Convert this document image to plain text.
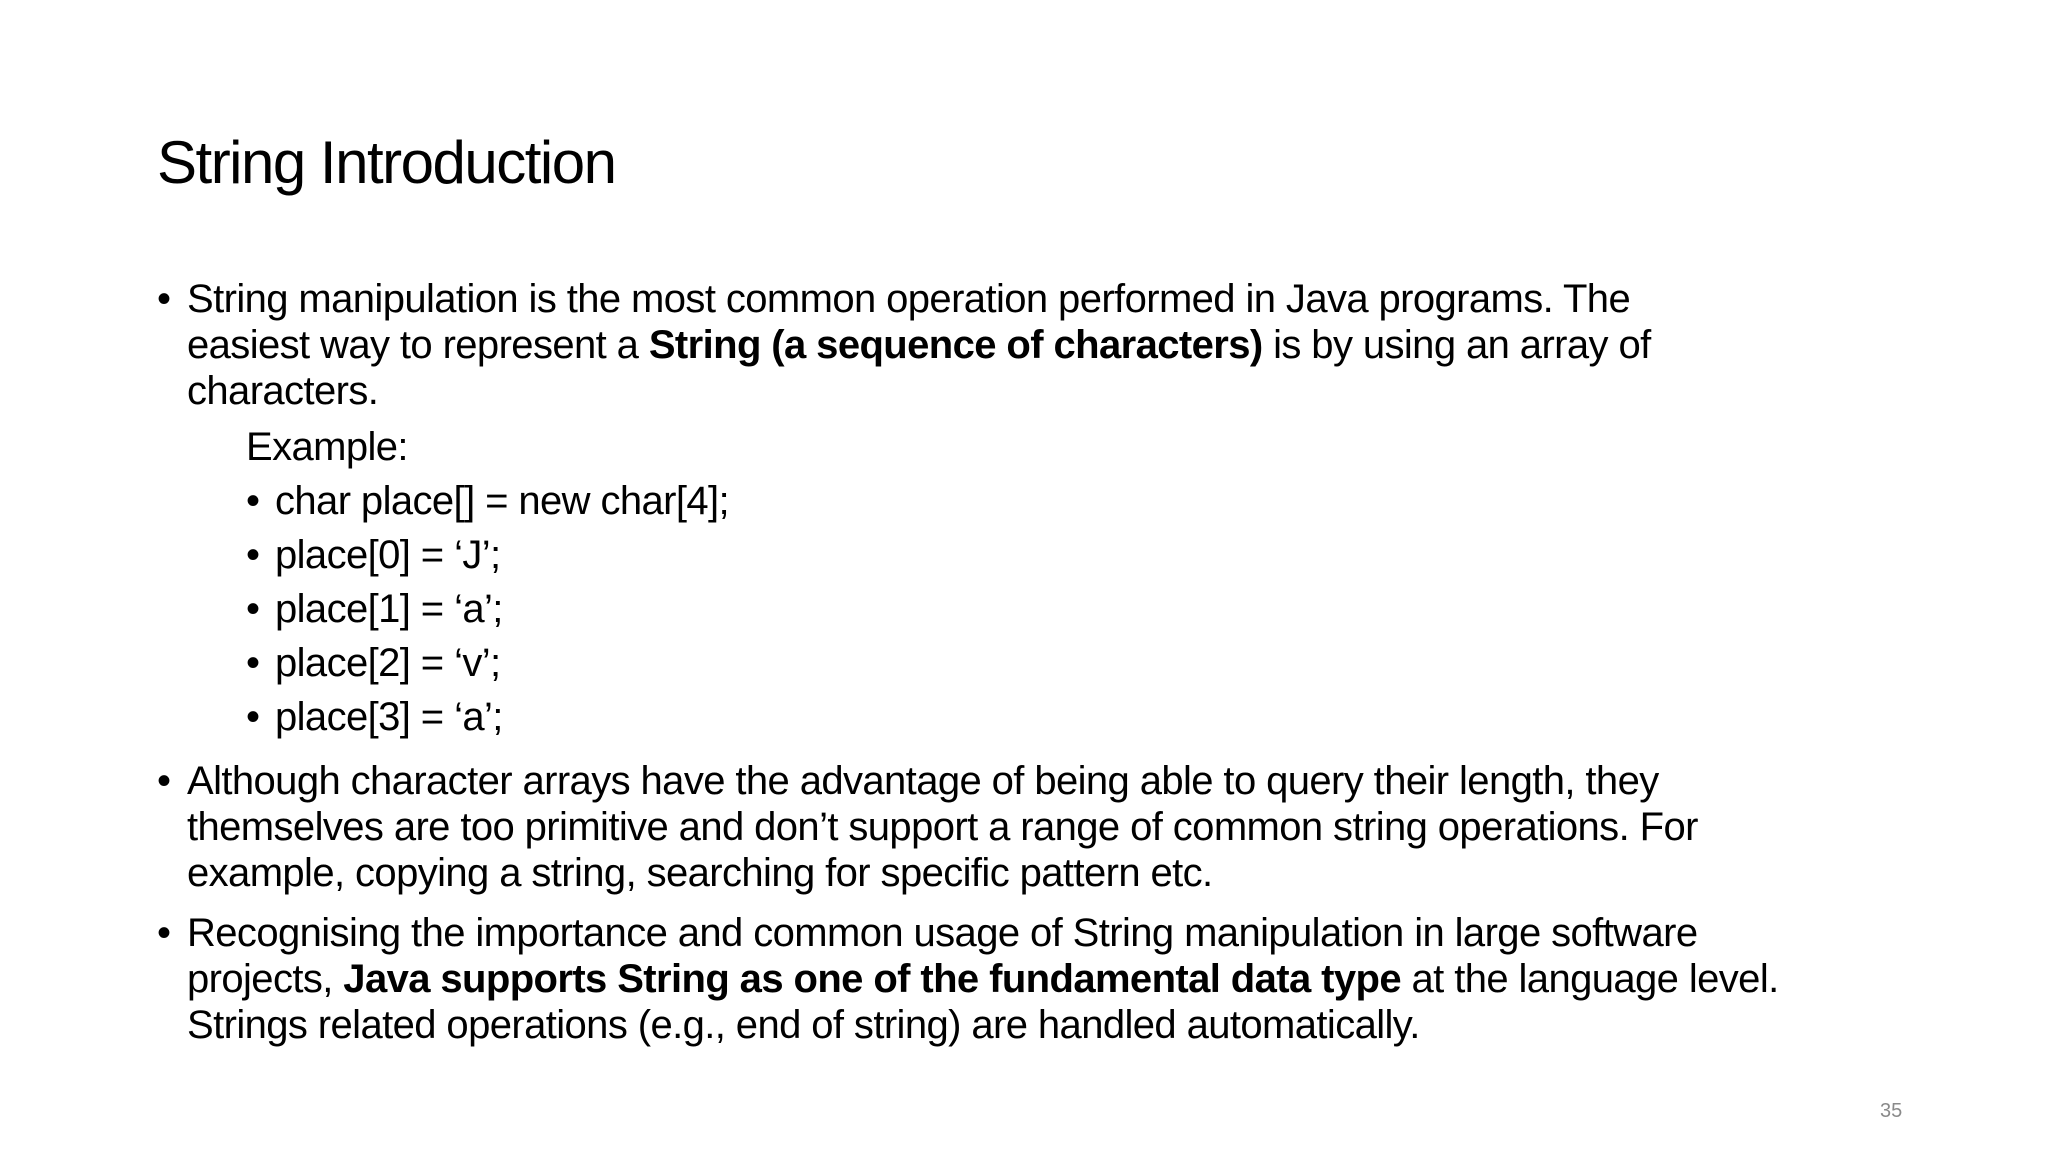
String Introduction
• String manipulation is the most common operation performed in Java programs. The

easiest way to represent a String (a sequence of characters) is by using an array of

characters.

Example:
• char place[] = new char[4];
• place[0] = ‘J’;
• place[1] = ‘a’;
• place[2] = ‘v’;
• place[3] = ‘a’;
• Although character arrays have the advantage of being able to query their length, they

themselves are too primitive and don’t support a range of common string operations. For

example, copying a string, searching for specific pattern etc.

• Recognising the importance and common usage of String manipulation in large software

projects, Java supports String as one of the fundamental data type at the language level.

Strings related operations (e.g., end of string) are handled automatically.

35
